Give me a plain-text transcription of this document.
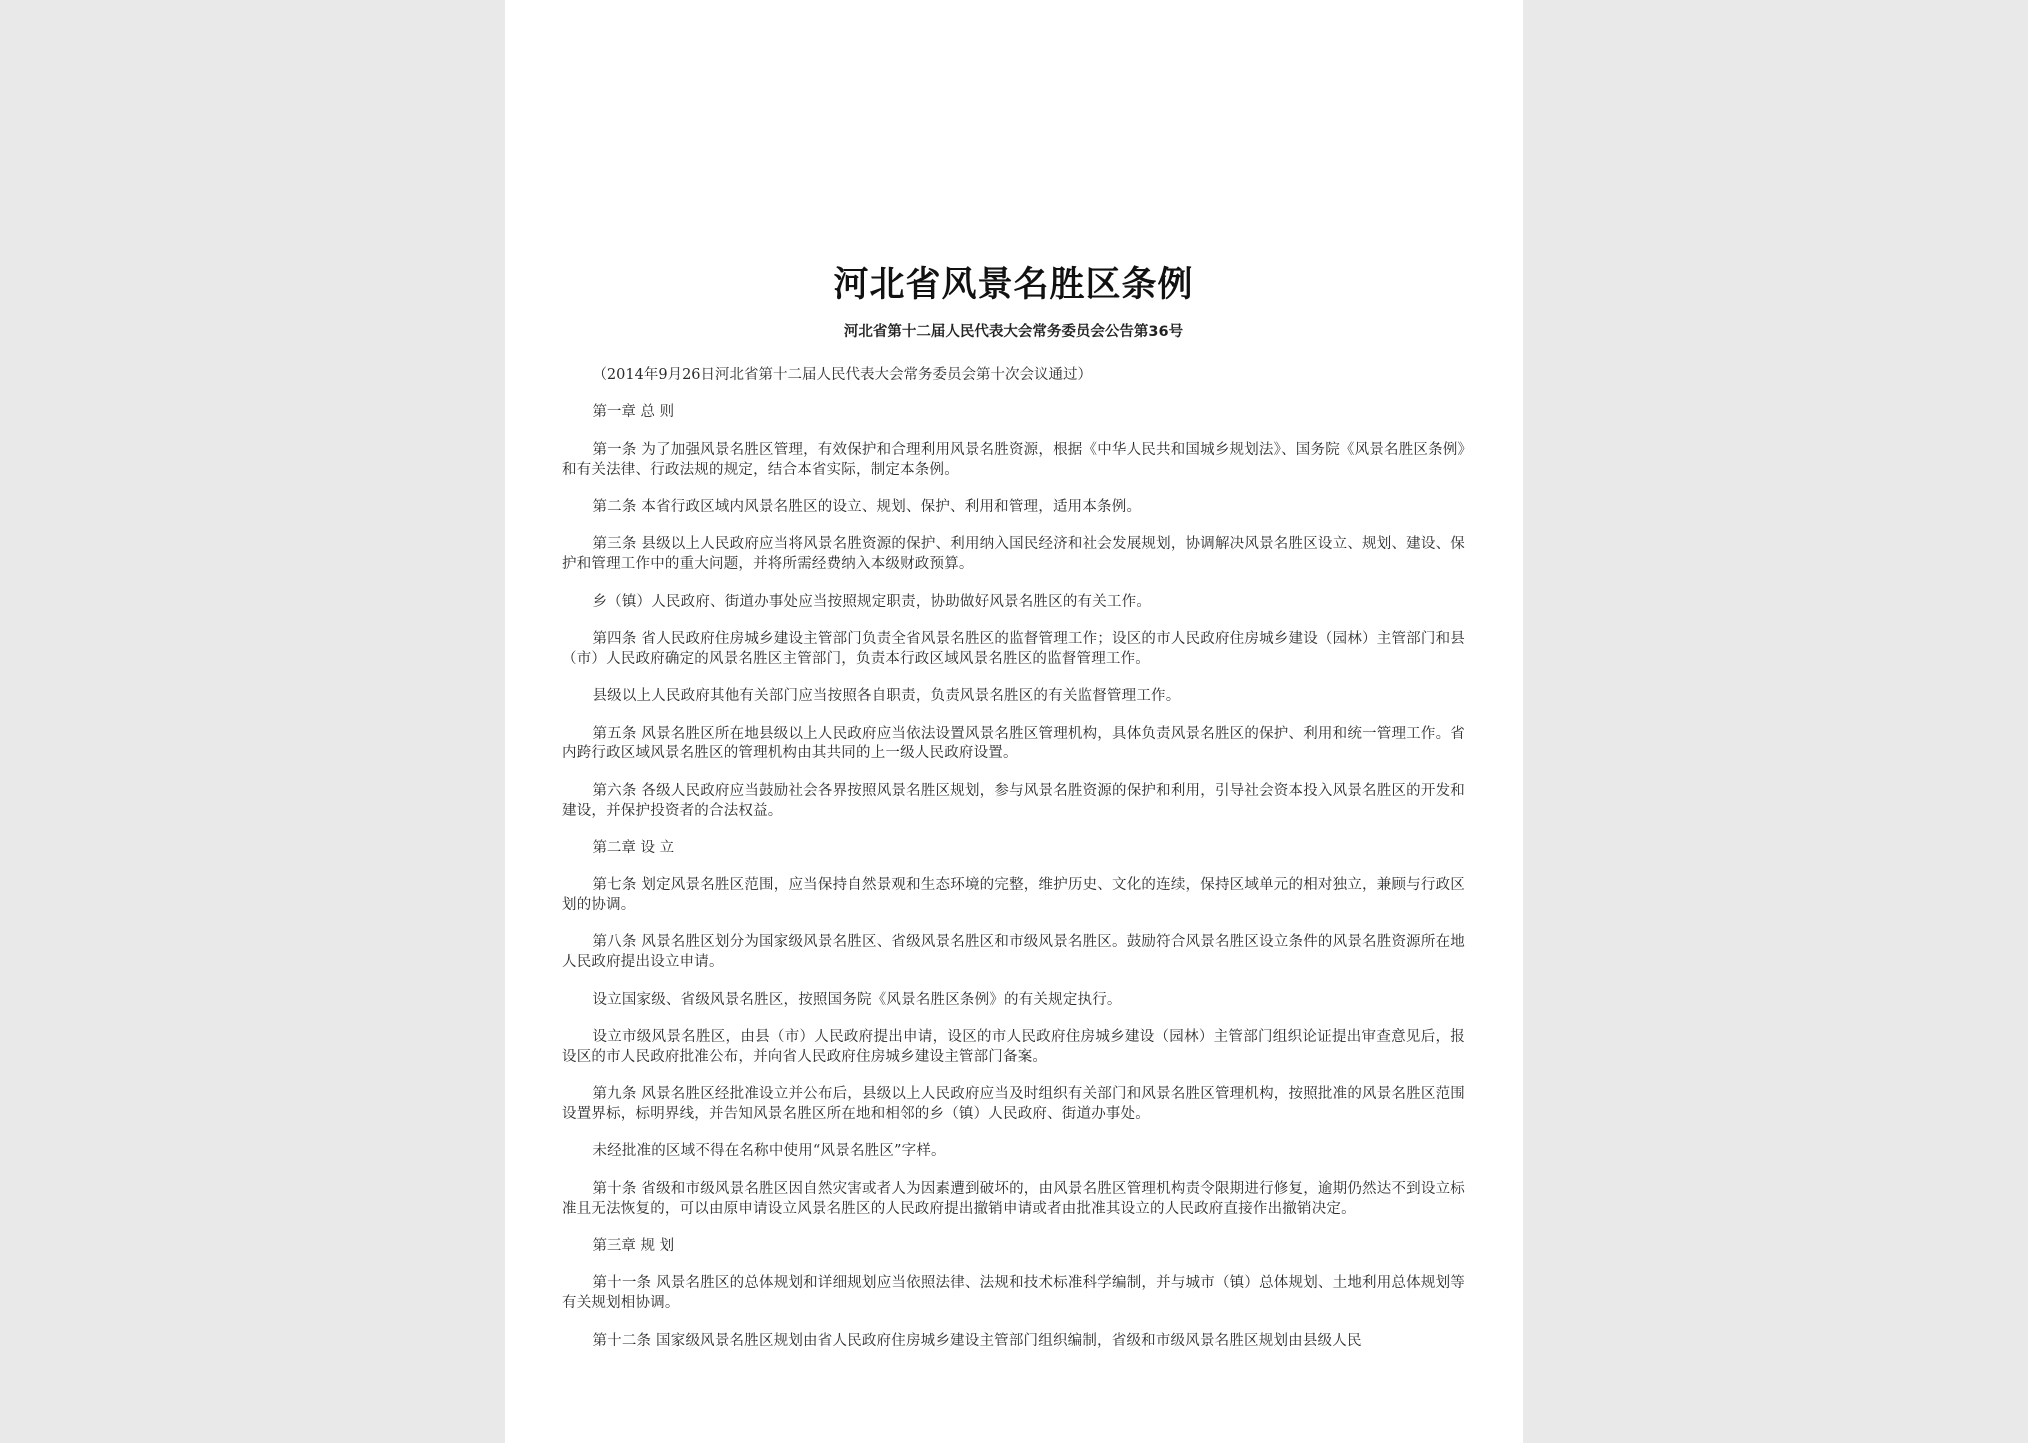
河北省风景名胜区条例
河北省第十二届人民代表大会常务委员会公告第36号

（2014年9月26日河北省第十二届人民代表大会常务委员会第十次会议通过）

第一章 总 则

第一条 为了加强风景名胜区管理，有效保护和合理利用风景名胜资源，根据《中华人民共和国城乡规划法》、国务院《风景名胜区条例》和有关法律、行政法规的规定，结合本省实际，制定本条例。

第二条 本省行政区域内风景名胜区的设立、规划、保护、利用和管理，适用本条例。

第三条 县级以上人民政府应当将风景名胜资源的保护、利用纳入国民经济和社会发展规划，协调解决风景名胜区设立、规划、建设、保护和管理工作中的重大问题，并将所需经费纳入本级财政预算。

乡（镇）人民政府、街道办事处应当按照规定职责，协助做好风景名胜区的有关工作。

第四条 省人民政府住房城乡建设主管部门负责全省风景名胜区的监督管理工作；设区的市人民政府住房城乡建设（园林）主管部门和县（市）人民政府确定的风景名胜区主管部门，负责本行政区域风景名胜区的监督管理工作。

县级以上人民政府其他有关部门应当按照各自职责，负责风景名胜区的有关监督管理工作。

第五条 风景名胜区所在地县级以上人民政府应当依法设置风景名胜区管理机构，具体负责风景名胜区的保护、利用和统一管理工作。省内跨行政区域风景名胜区的管理机构由其共同的上一级人民政府设置。

第六条 各级人民政府应当鼓励社会各界按照风景名胜区规划，参与风景名胜资源的保护和利用，引导社会资本投入风景名胜区的开发和建设，并保护投资者的合法权益。

第二章 设 立

第七条 划定风景名胜区范围，应当保持自然景观和生态环境的完整，维护历史、文化的连续，保持区域单元的相对独立，兼顾与行政区划的协调。

第八条 风景名胜区划分为国家级风景名胜区、省级风景名胜区和市级风景名胜区。鼓励符合风景名胜区设立条件的风景名胜资源所在地人民政府提出设立申请。

设立国家级、省级风景名胜区，按照国务院《风景名胜区条例》的有关规定执行。

设立市级风景名胜区，由县（市）人民政府提出申请，设区的市人民政府住房城乡建设（园林）主管部门组织论证提出审查意见后，报设区的市人民政府批准公布，并向省人民政府住房城乡建设主管部门备案。

第九条 风景名胜区经批准设立并公布后，县级以上人民政府应当及时组织有关部门和风景名胜区管理机构，按照批准的风景名胜区范围设置界标，标明界线，并告知风景名胜区所在地和相邻的乡（镇）人民政府、街道办事处。

未经批准的区域不得在名称中使用“风景名胜区”字样。

第十条 省级和市级风景名胜区因自然灾害或者人为因素遭到破坏的，由风景名胜区管理机构责令限期进行修复，逾期仍然达不到设立标准且无法恢复的，可以由原申请设立风景名胜区的人民政府提出撤销申请或者由批准其设立的人民政府直接作出撤销决定。

第三章 规 划

第十一条 风景名胜区的总体规划和详细规划应当依照法律、法规和技术标准科学编制，并与城市（镇）总体规划、土地利用总体规划等有关规划相协调。

第十二条 国家级风景名胜区规划由省人民政府住房城乡建设主管部门组织编制，省级和市级风景名胜区规划由县级人民
